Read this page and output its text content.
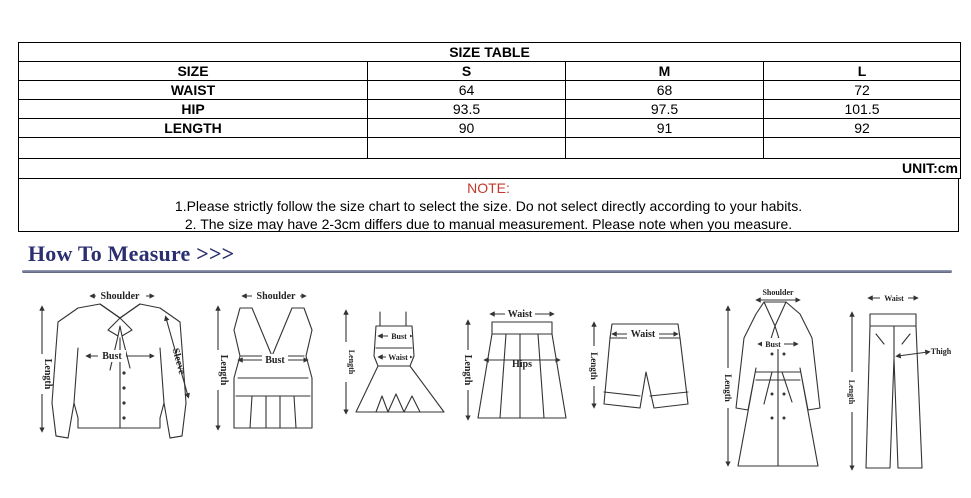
SIZE TABLE			
SIZE	S	M	L
WAIST	64	68	72
HIP	93.5	97.5	101.5
LENGTH	90	91	92

UNIT:cm			
NOTE:
1.Please strictly follow the size chart to select the size. Do not select directly according to your habits.
2. The size may have 2-3cm differs due to manual measurement. Please note when you measure.
How To Measure >>>
Shoulder
Bust	Sleeve
Length
Shoulder
Bust
Length
Bust
Waist
Length
Waist
Hips
Length
Waist
Length
Shoulder
Bust
Length
Waist
Thigh
Length
